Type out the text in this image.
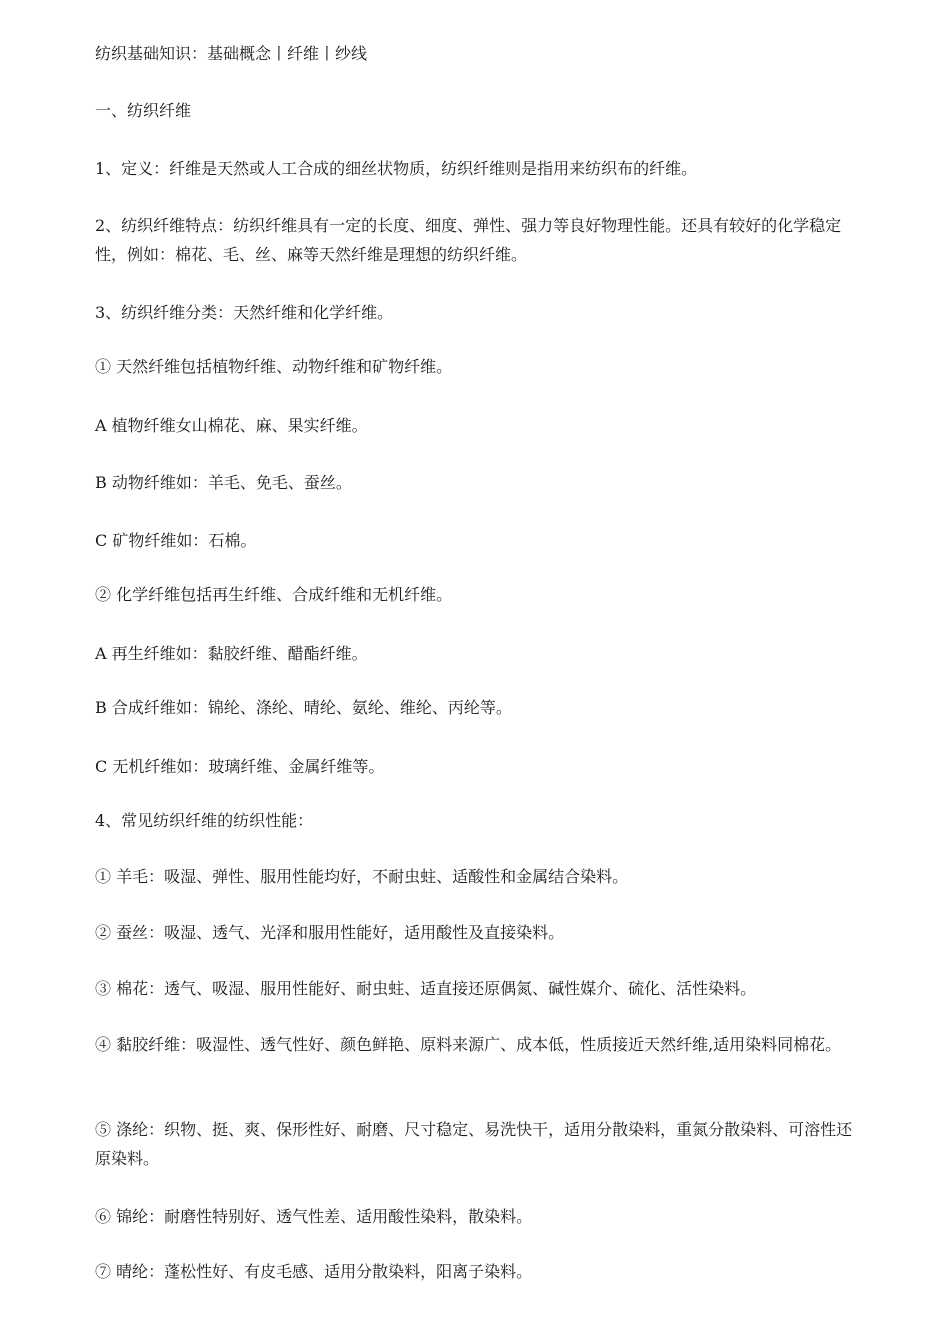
纺织基础知识：基础概念丨纤维丨纱线
一、纺织纤维
1、定义：纤维是天然或人工合成的细丝状物质，纺织纤维则是指用来纺织布的纤维。
2、纺织纤维特点：纺织纤维具有一定的长度、细度、弹性、强力等良好物理性能。还具有较好的化学稳定性，例如：棉花、毛、丝、麻等天然纤维是理想的纺织纤维。
3、纺织纤维分类：天然纤维和化学纤维。
① 天然纤维包括植物纤维、动物纤维和矿物纤维。
A 植物纤维女山棉花、麻、果实纤维。
B 动物纤维如：羊毛、免毛、蚕丝。
C 矿物纤维如：石棉。
② 化学纤维包括再生纤维、合成纤维和无机纤维。
A 再生纤维如：黏胶纤维、醋酯纤维。
B 合成纤维如：锦纶、涤纶、晴纶、氨纶、维纶、丙纶等。
C 无机纤维如：玻璃纤维、金属纤维等。
4、常见纺织纤维的纺织性能：
① 羊毛：吸湿、弹性、服用性能均好，不耐虫蛀、适酸性和金属结合染料。
② 蚕丝：吸湿、透气、光泽和服用性能好，适用酸性及直接染料。
③ 棉花：透气、吸湿、服用性能好、耐虫蛀、适直接还原偶氮、碱性媒介、硫化、活性染料。
④ 黏胶纤维：吸湿性、透气性好、颜色鲜艳、原料来源广、成本低，性质接近天然纤维,适用染料同棉花。
⑤ 涤纶：织物、挺、爽、保形性好、耐磨、尺寸稳定、易洗快干，适用分散染料，重氮分散染料、可溶性还原染料。
⑥ 锦纶：耐磨性特别好、透气性差、适用酸性染料，散染料。
⑦ 晴纶：蓬松性好、有皮毛感、适用分散染料，阳离子染料。
